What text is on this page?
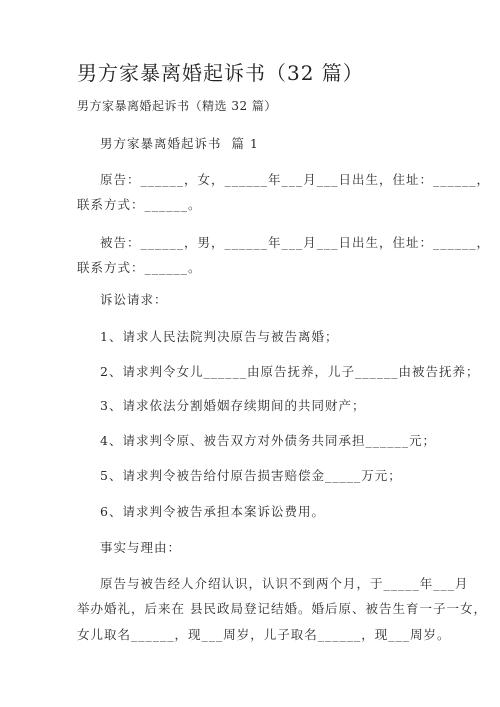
男方家暴离婚起诉书（32 篇）
男方家暴离婚起诉书（精选 32 篇）
男方家暴离婚起诉书  篇 1
原告：______，女，______年___月___日出生，住址：______，
联系方式：______。
被告：______，男，______年___月___日出生，住址：______，
联系方式：______。
诉讼请求：
1、请求人民法院判决原告与被告离婚；
2、请求判令女儿______由原告抚养，儿子______由被告抚养；
3、请求依法分割婚姻存续期间的共同财产；
4、请求判令原、被告双方对外债务共同承担______元；
5、请求判令被告给付原告损害赔偿金_____万元；
6、请求判令被告承担本案诉讼费用。
事实与理由：
原告与被告经人介绍认识，认识不到两个月，于_____年___月
举办婚礼，后来在 县民政局登记结婚。婚后原、被告生育一子一女，
女儿取名______，现___周岁，儿子取名______，现___周岁。
